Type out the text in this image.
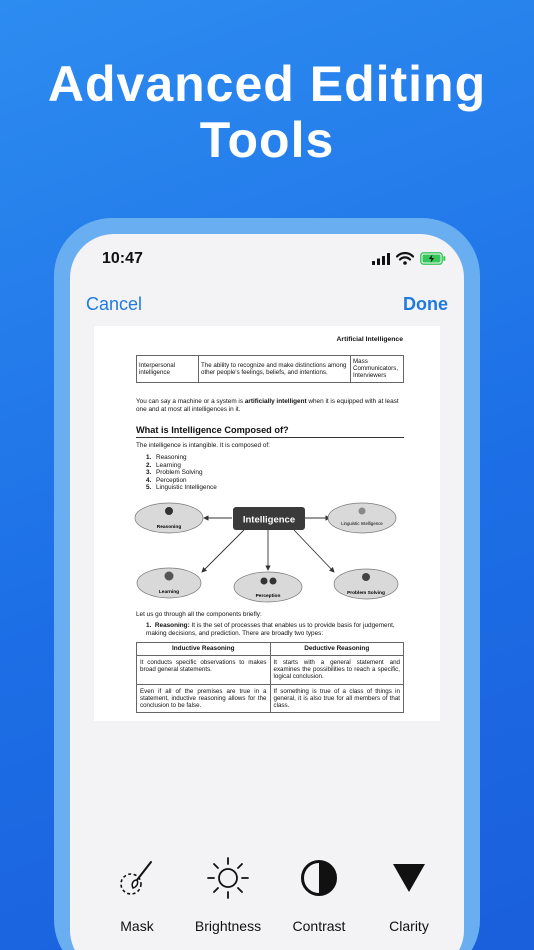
Advanced Editing
Tools
10:47
Cancel	Done
Artificial Intelligence
Interpersonal intelligence	The ability to recognize and make distinctions among other people's feelings, beliefs, and intentions.	Mass Communicators, Interviewers
You can say a machine or a system is artificially intelligent when it is equipped with at least one and at most all intelligences in it.
What is Intelligence Composed of?
The intelligence is intangible. It is composed of:
1. Reasoning
2. Learning
3. Problem Solving
4. Perception
5. Linguistic Intelligence
Intelligence
Reasoning
Linguistic Intelligence
Learning
Perception
Problem Solving
Let us go through all the components briefly:
1. Reasoning: It is the set of processes that enables us to provide basis for judgement, making decisions, and prediction. There are broadly two types:
Inductive Reasoning	Deductive Reasoning
It conducts specific observations to makes broad general statements.	It starts with a general statement and examines the possibilities to reach a specific, logical conclusion.
Even if all of the premises are true in a statement, inductive reasoning allows for the conclusion to be false.	If something is true of a class of things in general, it is also true for all members of that class.
Mask	Brightness	Contrast	Clarity
